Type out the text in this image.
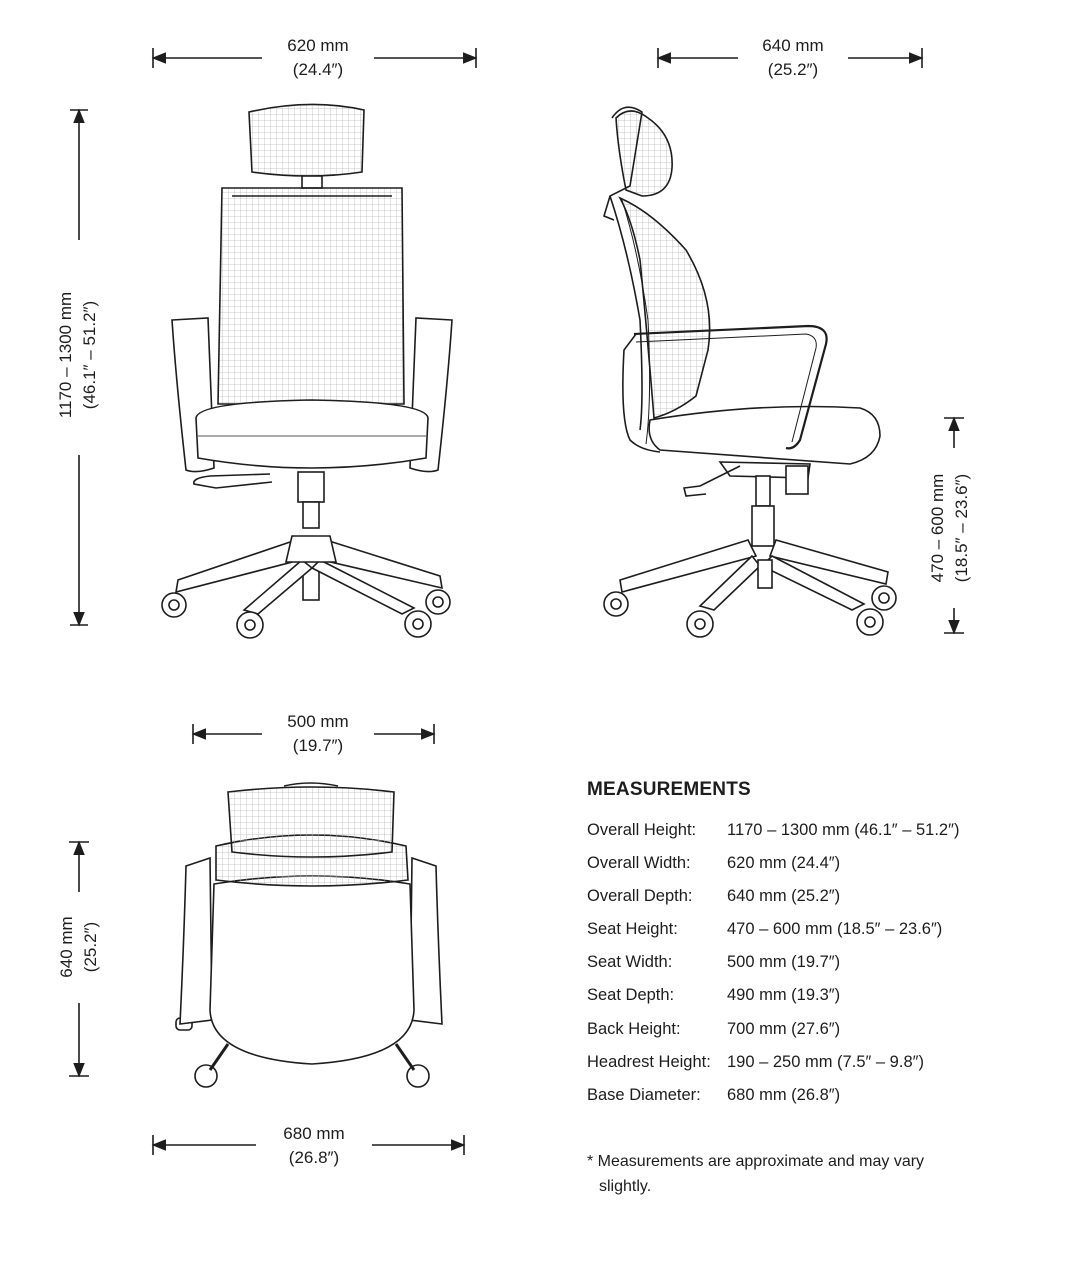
620 mm
(24.4″)
640 mm
(25.2″)
1170 – 1300 mm (46.1″ – 51.2″)
470 – 600 mm (18.5″ – 23.6″)
500 mm
(19.7″)
640 mm (25.2″)
680 mm
(26.8″)
MEASUREMENTS
Overall Height: 1170 – 1300 mm (46.1″ – 51.2″)
Overall Width: 620 mm (24.4″)
Overall Depth: 640 mm (25.2″)
Seat Height:	470 – 600 mm (18.5″ – 23.6″)
Seat Width:	500 mm (19.7″)
Seat Depth:	490 mm (19.3″)
Back Height:	700 mm (27.6″)
Headrest Height:190 – 250 mm (7.5″ – 9.8″)
Base Diameter: 680 mm (26.8″)
* Measurements are approximate and may vary
slightly.
